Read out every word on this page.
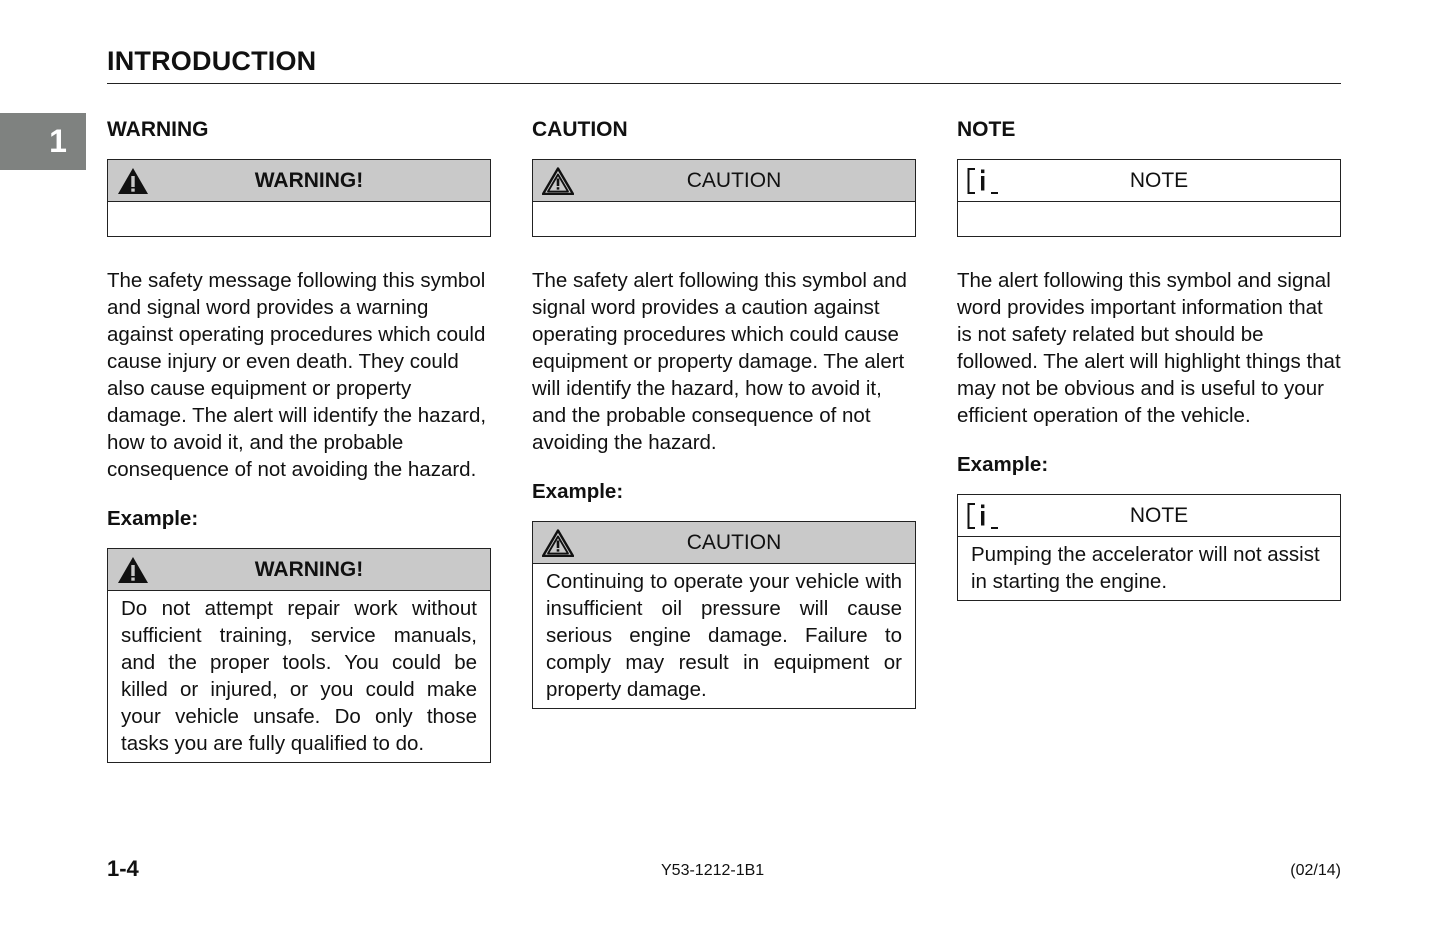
INTRODUCTION
1	WARNING
WARNING!
The safety message following this symbol and signal word provides a warning against operating procedures which could cause injury or even death. They could also cause equipment or property damage. The alert will identify the hazard, how to avoid it, and the probable consequence of not avoiding the hazard.
Example:
WARNING!
Do not attempt repair work without sufficient training, service manuals, and the proper tools. You could be killed or injured, or you could make your vehicle unsafe. Do only those tasks you are fully qualified to do.
CAUTION
CAUTION
The safety alert following this symbol and signal word provides a caution against operating procedures which could cause equipment or property damage. The alert will identify the hazard, how to avoid it, and the probable consequence of not avoiding the hazard.
Example:
CAUTION
Continuing to operate your vehicle with insufficient oil pressure will cause serious engine damage. Failure to comply may result in equipment or property damage.
NOTE
NOTE
The alert following this symbol and signal word provides important information that is not safety related but should be followed. The alert will highlight things that may not be obvious and is useful to your efficient operation of the vehicle.
Example:
NOTE
Pumping the accelerator will not assist in starting the engine.
1-4	Y53-1212-1B1	(02/14)
